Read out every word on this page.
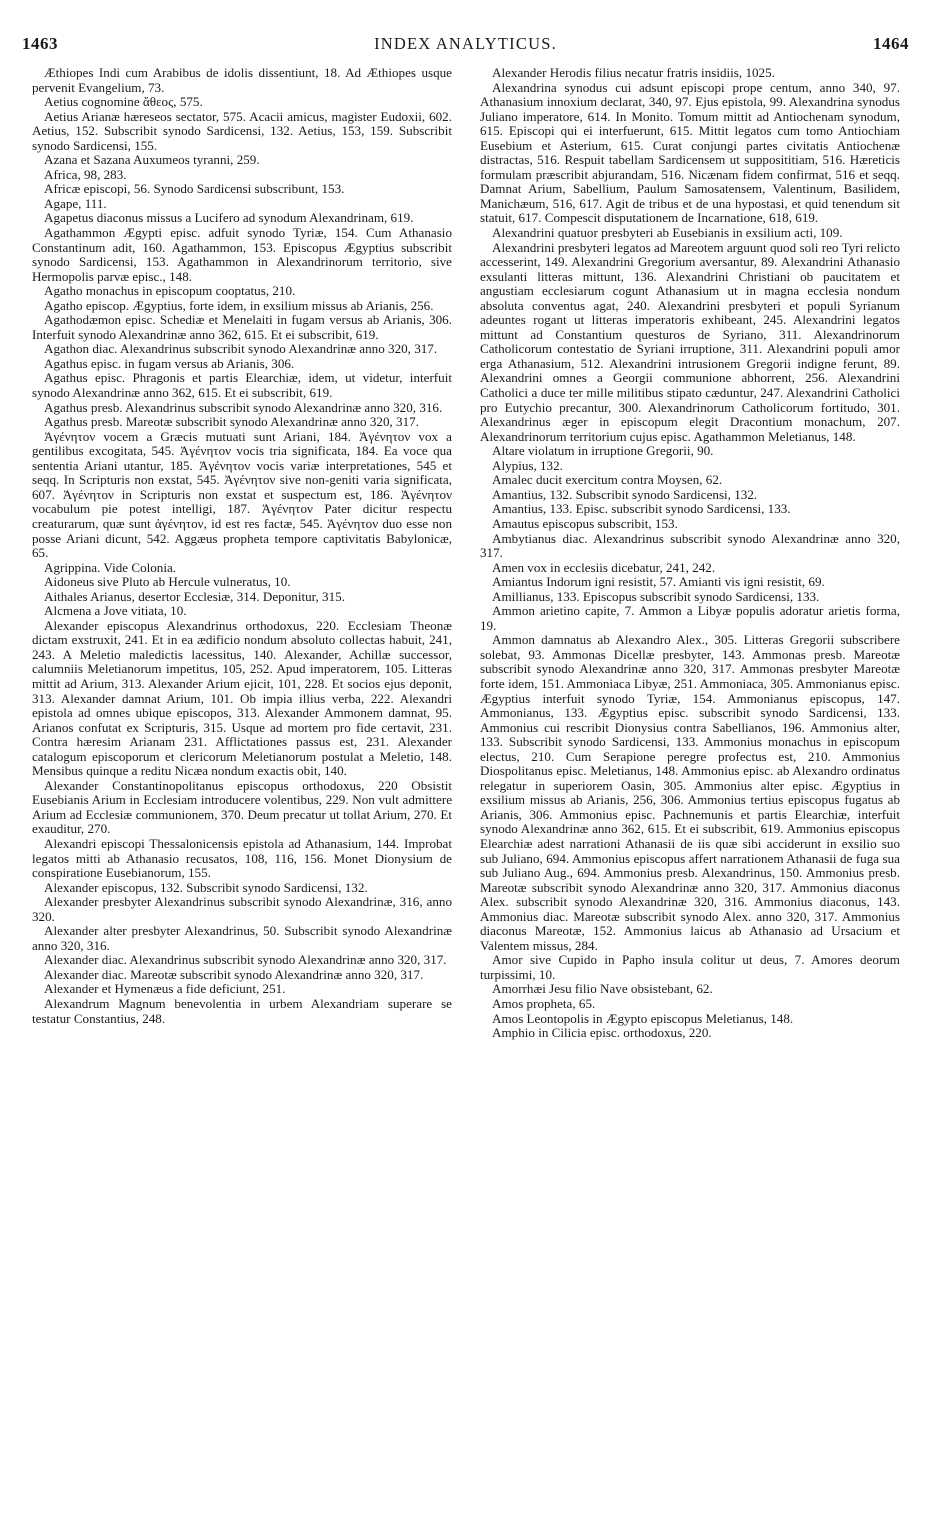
1463	INDEX ANALYTICUS.	1464

Æthiopes Indi cum Arabibus de idolis dissentiunt, 18. Ad Æthiopes usque pervenit Evangelium, 73.

Aetius cognomine ἄθεος, 575.

Aetius Arianæ hæreseos sectator, 575. Acacii amicus, magister Eudoxii, 602. Aetius, 152. Subscribit synodo Sardicensi, 132. Aetius, 153, 159. Subscribit synodo Sardicensi, 155.

Azana et Sazana Auxumeos tyranni, 259.

Africa, 98, 283.

Africæ episcopi, 56. Synodo Sardicensi subscribunt, 153.

Agape, 111.

Agapetus diaconus missus a Lucifero ad synodum Alexandrinam, 619.

Agathammon Ægypti episc. adfuit synodo Tyriæ, 154. Cum Athanasio Constantinum adit, 160. Agathammon, 153. Episcopus Ægyptius subscribit synodo Sardicensi, 153. Agathammon in Alexandrinorum territorio, sive Hermopolis parvæ episc., 148.

Agatho monachus in episcopum cooptatus, 210.

Agatho episcop. Ægyptius, forte idem, in exsilium missus ab Arianis, 256.

Agathodæmon episc. Schediæ et Menelaiti in fugam versus ab Arianis, 306. Interfuit synodo Alexandrinæ anno 362, 615. Et ei subscribit, 619.

Agathon diac. Alexandrinus subscribit synodo Alexandrinæ anno 320, 317.

Agathus episc. in fugam versus ab Arianis, 306.

Agathus episc. Phragonis et partis Elearchiæ, idem, ut videtur, interfuit synodo Alexandrinæ anno 362, 615. Et ei subscribit, 619.

Agathus presb. Alexandrinus subscribit synodo Alexandrinæ anno 320, 316.

Agathus presb. Mareotæ subscribit synodo Alexandrinæ anno 320, 317.

Ἀγένητον vocem a Græcis mutuati sunt Ariani, 184. Ἀγένητον vox a gentilibus excogitata, 545. Ἀγένητον vocis tria significata, 184. Ea voce qua sententia Ariani utantur, 185. Ἀγένητον vocis variæ interpretationes, 545 et seqq. In Scripturis non exstat, 545. Ἀγένητον sive non-geniti varia significata, 607. Ἀγένητον in Scripturis non exstat et suspectum est, 186. Ἀγένητον vocabulum pie potest intelligi, 187. Ἀγένητον Pater dicitur respectu creaturarum, quæ sunt ἀγένητον, id est res factæ, 545. Ἀγένητον duo esse non posse Ariani dicunt, 542. Aggæus propheta tempore captivitatis Babylonicæ, 65.

Agrippina. Vide Colonia.

Aidoneus sive Pluto ab Hercule vulneratus, 10.

Aithales Arianus, desertor Ecclesiæ, 314. Deponitur, 315.

Alcmena a Jove vitiata, 10.

Alexander episcopus Alexandrinus orthodoxus, 220. Ecclesiam Theonæ dictam exstruxit, 241. Et in ea ædificio nondum absoluto collectas habuit, 241, 243. A Meletio maledictis lacessitus, 140. Alexander, Achillæ successor, calumniis Meletianorum impetitus, 105, 252. Apud imperatorem, 105. Litteras mittit ad Arium, 313. Alexander Arium ejicit, 101, 228. Et socios ejus deponit, 313. Alexander damnat Arium, 101. Ob impia illius verba, 222. Alexandri epistola ad omnes ubique episcopos, 313. Alexander Ammonem damnat, 95. Arianos confutat ex Scripturis, 315. Usque ad mortem pro fide certavit, 231. Contra hæresim Arianam 231. Afflictationes passus est, 231. Alexander catalogum episcoporum et clericorum Meletianorum postulat a Meletio, 148. Mensibus quinque a reditu Nicæa nondum exactis obit, 140.

Alexander Constantinopolitanus episcopus orthodoxus, 220 Obsistit Eusebianis Arium in Ecclesiam introducere volentibus, 229. Non vult admittere Arium ad Ecclesiæ communionem, 370. Deum precatur ut tollat Arium, 270. Et exauditur, 270.

Alexandri episcopi Thessalonicensis epistola ad Athanasium, 144. Improbat legatos mitti ab Athanasio recusatos, 108, 116, 156. Monet Dionysium de conspiratione Eusebianorum, 155.

Alexander episcopus, 132. Subscribit synodo Sardicensi, 132.

Alexander presbyter Alexandrinus subscribit synodo Alexandrinæ, 316, anno 320.

Alexander alter presbyter Alexandrinus, 50. Subscribit synodo Alexandrinæ anno 320, 316.

Alexander diac. Alexandrinus subscribit synodo Alexandrinæ anno 320, 317.

Alexander diac. Mareotæ subscribit synodo Alexandrinæ anno 320, 317.

Alexander et Hymenæus a fide deficiunt, 251.

Alexandrum Magnum benevolentia in urbem Alexandriam superare se testatur Constantius, 248.

Alexander Herodis filius necatur fratris insidiis, 1025.

Alexandrina synodus cui adsunt episcopi prope centum, anno 340, 97. Athanasium innoxium declarat, 340, 97. Ejus epistola, 99. Alexandrina synodus Juliano imperatore, 614. In Monito. Tomum mittit ad Antiochenam synodum, 615. Episcopi qui ei interfuerunt, 615. Mittit legatos cum tomo Antiochiam Eusebium et Asterium, 615. Curat conjungi partes civitatis Antiochenæ distractas, 516. Respuit tabellam Sardicensem ut supposititiam, 516. Hæreticis formulam præscribit abjurandam, 516. Nicænam fidem confirmat, 516 et seqq. Damnat Arium, Sabellium, Paulum Samosatensem, Valentinum, Basilidem, Manichæum, 516, 617. Agit de tribus et de una hypostasi, et quid tenendum sit statuit, 617. Compescit disputationem de Incarnatione, 618, 619.

Alexandrini quatuor presbyteri ab Eusebianis in exsilium acti, 109.

Alexandrini presbyteri legatos ad Mareotem arguunt quod soli reo Tyri relicto accesserint, 149. Alexandrini Gregorium aversantur, 89. Alexandrini Athanasio exsulanti litteras mittunt, 136. Alexandrini Christiani ob paucitatem et angustiam ecclesiarum cogunt Athanasium ut in magna ecclesia nondum absoluta conventus agat, 240. Alexandrini presbyteri et populi Syrianum adeuntes rogant ut litteras imperatoris exhibeant, 245. Alexandrini legatos mittunt ad Constantium questuros de Syriano, 311. Alexandrinorum Catholicorum contestatio de Syriani irruptione, 311. Alexandrini populi amor erga Athanasium, 512. Alexandrini intrusionem Gregorii indigne ferunt, 89. Alexandrini omnes a Georgii communione abhorrent, 256. Alexandrini Catholici a duce ter mille militibus stipato cæduntur, 247. Alexandrini Catholici pro Eutychio precantur, 300. Alexandrinorum Catholicorum fortitudo, 301. Alexandrinus æger in episcopum elegit Dracontium monachum, 207. Alexandrinorum territorium cujus episc. Agathammon Meletianus, 148.

Altare violatum in irruptione Gregorii, 90.

Alypius, 132.

Amalec ducit exercitum contra Moysen, 62.

Amantius, 132. Subscribit synodo Sardicensi, 132.

Amantius, 133. Episc. subscribit synodo Sardicensi, 133.

Amautus episcopus subscribit, 153.

Ambytianus diac. Alexandrinus subscribit synodo Alexandrinæ anno 320, 317.

Amen vox in ecclesiis dicebatur, 241, 242.

Amiantus Indorum igni resistit, 57. Amianti vis igni resistit, 69.

Amillianus, 133. Episcopus subscribit synodo Sardicensi, 133.

Ammon arietino capite, 7. Ammon a Libyæ populis adoratur arietis forma, 19.

Ammon damnatus ab Alexandro Alex., 305. Litteras Gregorii subscribere solebat, 93. Ammonas Dicellæ presbyter, 143. Ammonas presb. Mareotæ subscribit synodo Alexandrinæ anno 320, 317. Ammonas presbyter Mareotæ forte idem, 151. Ammoniaca Libyæ, 251. Ammoniaca, 305. Ammonianus episc. Ægyptius interfuit synodo Tyriæ, 154. Ammonianus episcopus, 147. Ammonianus, 133. Ægyptius episc. subscribit synodo Sardicensi, 133. Ammonius cui rescribit Dionysius contra Sabellianos, 196. Ammonius alter, 133. Subscribit synodo Sardicensi, 133. Ammonius monachus in episcopum electus, 210. Cum Serapione peregre profectus est, 210. Ammonius Diospolitanus episc. Meletianus, 148. Ammonius episc. ab Alexandro ordinatus relegatur in superiorem Oasin, 305. Ammonius alter episc. Ægyptius in exsilium missus ab Arianis, 256, 306. Ammonius tertius episcopus fugatus ab Arianis, 306. Ammonius episc. Pachnemunis et partis Elearchiæ, interfuit synodo Alexandrinæ anno 362, 615. Et ei subscribit, 619. Ammonius episcopus Elearchiæ adest narrationi Athanasii de iis quæ sibi acciderunt in exsilio suo sub Juliano, 694. Ammonius episcopus affert narrationem Athanasii de fuga sua sub Juliano Aug., 694. Ammonius presb. Alexandrinus, 150. Ammonius presb. Mareotæ subscribit synodo Alexandrinæ anno 320, 317. Ammonius diaconus Alex. subscribit synodo Alexandrinæ 320, 316. Ammonius diaconus, 143. Ammonius diac. Mareotæ subscribit synodo Alex. anno 320, 317. Ammonius diaconus Mareotæ, 152. Ammonius laicus ab Athanasio ad Ursacium et Valentem missus, 284.

Amor sive Cupido in Papho insula colitur ut deus, 7. Amores deorum turpissimi, 10.

Amorrhæi Jesu filio Nave obsistebant, 62.

Amos propheta, 65.

Amos Leontopolis in Ægypto episcopus Meletianus, 148.

Amphio in Cilicia episc. orthodoxus, 220.
